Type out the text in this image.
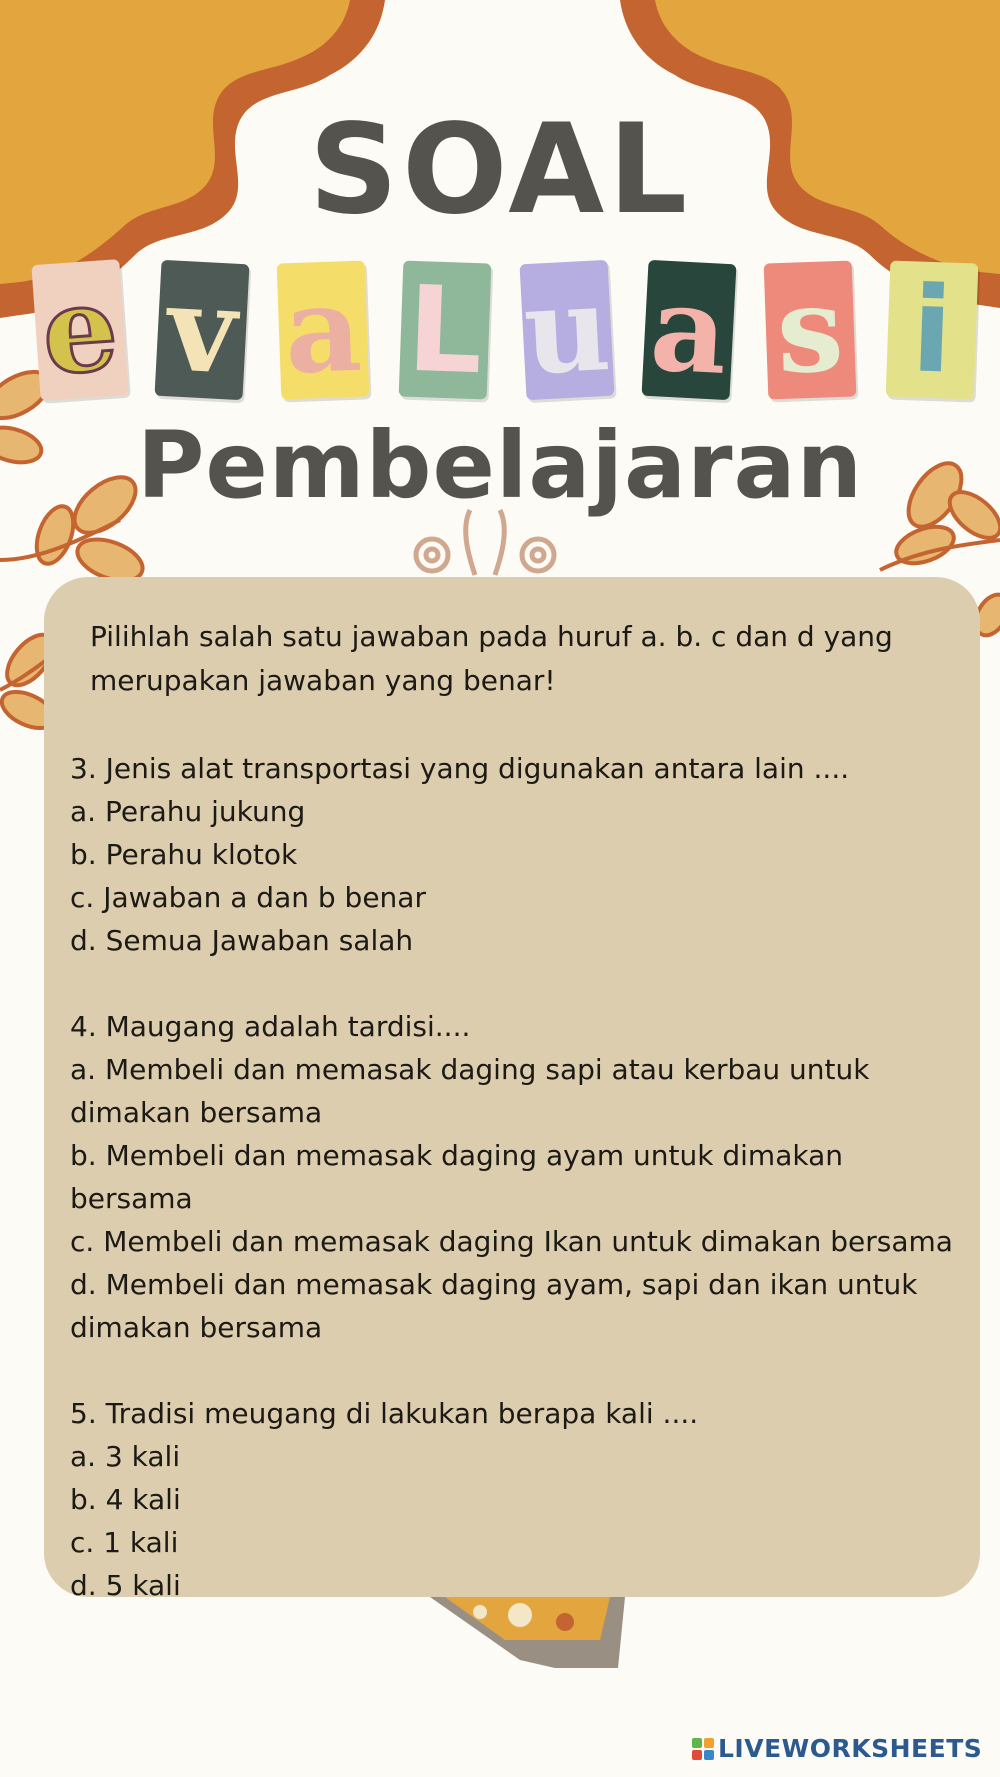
SOAL
e v a L u a s i
Pembelajaran
Pilihlah salah satu jawaban pada huruf a. b. c dan d yang merupakan jawaban yang benar!
3. Jenis alat transportasi yang digunakan antara lain ....
a. Perahu jukung
b. Perahu klotok
c. Jawaban a dan b benar
d. Semua Jawaban salah
4. Maugang adalah tardisi....
a. Membeli dan memasak daging sapi atau kerbau untuk dimakan bersama
b. Membeli dan memasak daging ayam untuk dimakan bersama
c. Membeli dan memasak daging Ikan untuk dimakan bersama
d. Membeli dan memasak daging ayam, sapi dan ikan untuk dimakan bersama
5. Tradisi meugang di lakukan berapa kali ....
a. 3 kali
b. 4 kali
c. 1 kali
d. 5 kali
LIVEWORKSHEETS
